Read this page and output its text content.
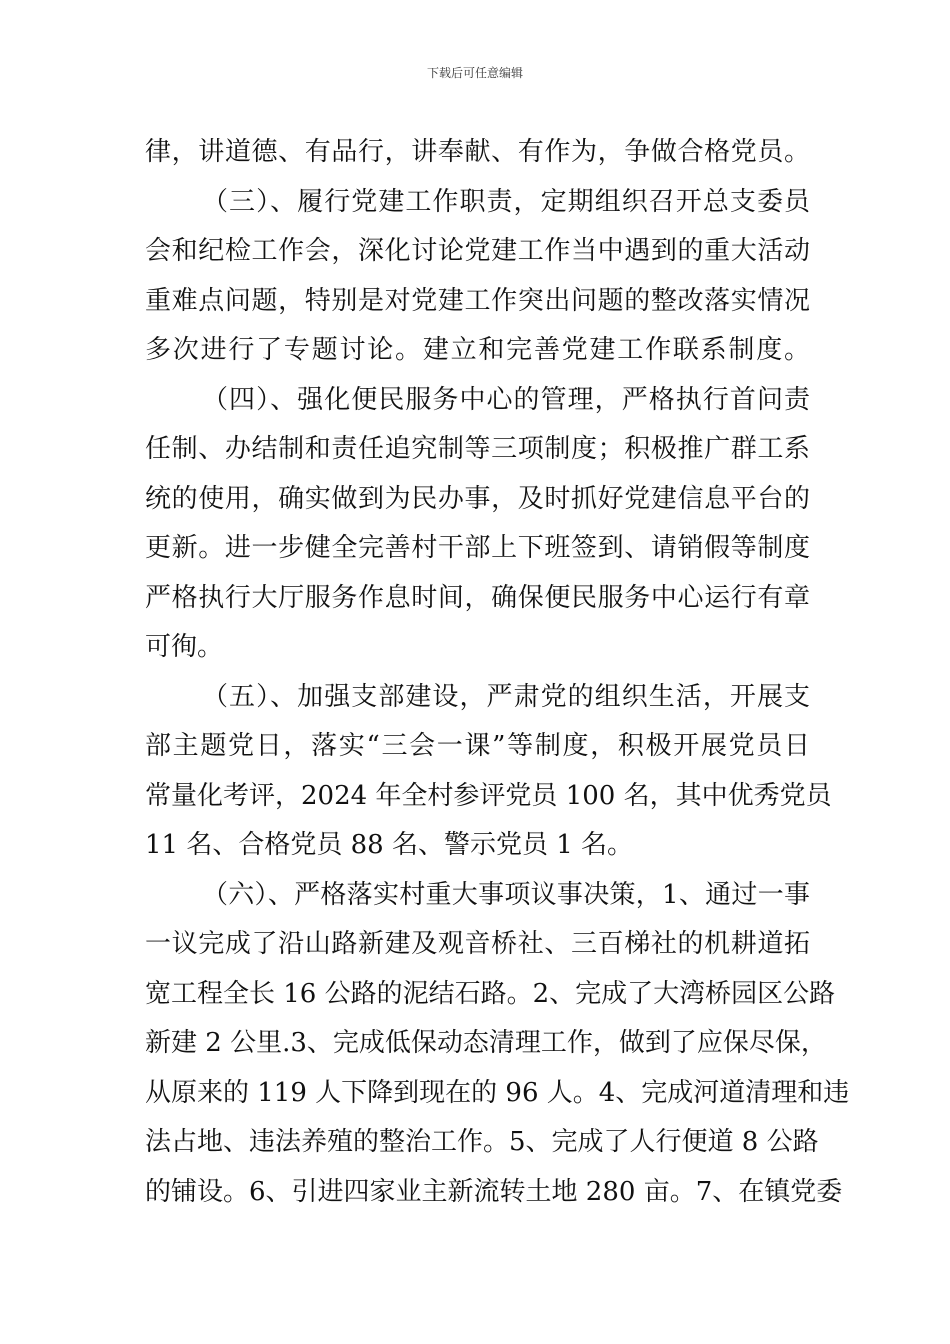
下载后可任意编辑
律，讲道德、有品行，讲奉献、有作为，争做合格党员。
（三）、履行党建工作职责，定期组织召开总支委员
会和纪检工作会，深化讨论党建工作当中遇到的重大活动
重难点问题，特别是对党建工作突出问题的整改落实情况
多次进行了专题讨论。建立和完善党建工作联系制度。
（四）、强化便民服务中心的管理，严格执行首问责
任制、办结制和责任追究制等三项制度；积极推广群工系
统的使用，确实做到为民办事，及时抓好党建信息平台的
更新。进一步健全完善村干部上下班签到、请销假等制度
严格执行大厅服务作息时间，确保便民服务中心运行有章
可徇。
（五）、加强支部建设，严肃党的组织生活，开展支
部主题党日，落实“三会一课”等制度，积极开展党员日
常量化考评，2024 年全村参评党员 100 名，其中优秀党员
11 名、合格党员 88 名、警示党员 1 名。
（六）、严格落实村重大事项议事决策，1、通过一事
一议完成了沿山路新建及观音桥社、三百梯社的机耕道拓
宽工程全长 16 公路的泥结石路。2、完成了大湾桥园区公路
新建 2 公里.3、完成低保动态清理工作，做到了应保尽保，
从原来的 119 人下降到现在的 96 人。4、完成河道清理和违
法占地、违法养殖的整治工作。5、完成了人行便道 8 公路
的铺设。6、引进四家业主新流转土地 280 亩。7、在镇党委
